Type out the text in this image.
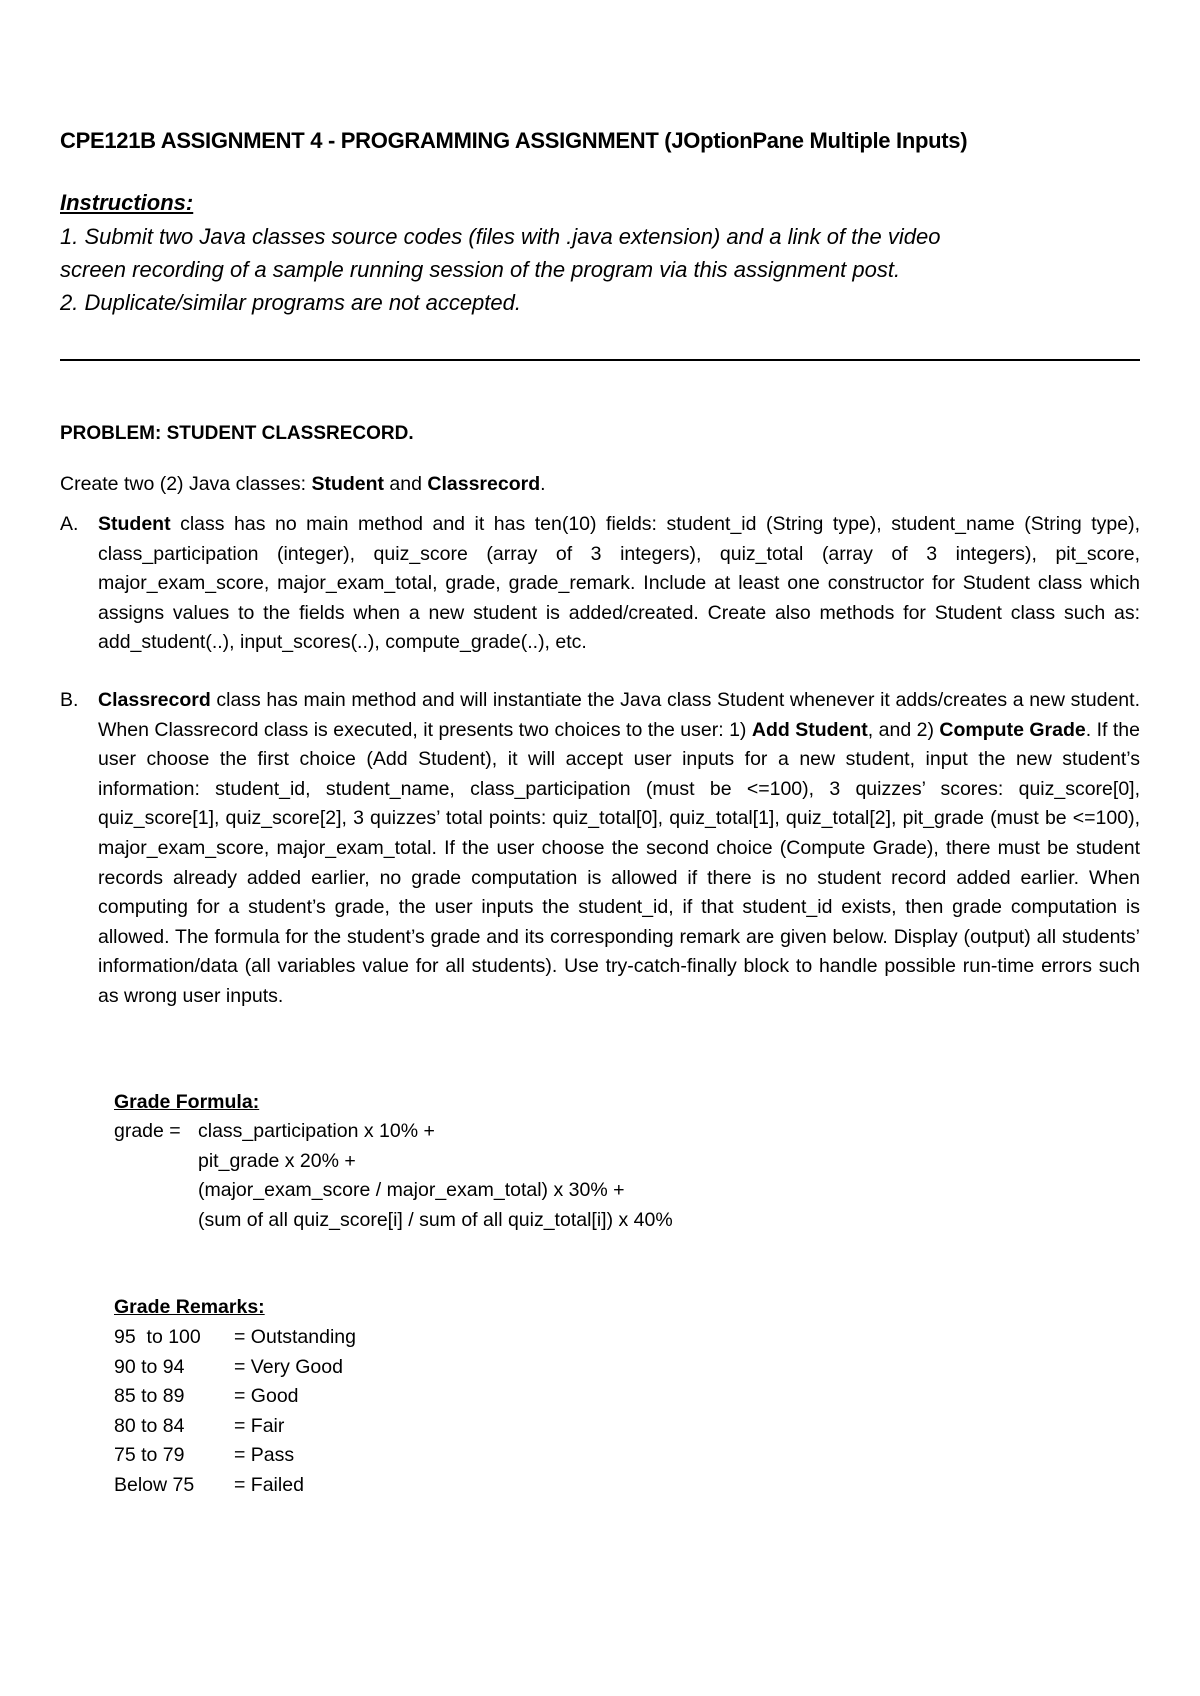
CPE121B ASSIGNMENT 4 - PROGRAMMING ASSIGNMENT (JOptionPane Multiple Inputs)
Instructions:

1. Submit two Java classes source codes (files with .java extension) and a link of the video

screen recording of a sample running session of the program via this assignment post.

2. Duplicate/similar programs are not accepted.

PROBLEM: STUDENT CLASSRECORD.

Create two (2) Java classes: Student and Classrecord.

A.	Student class has no main method and it has ten(10) fields: student_id (String type), student_name (String type), class_participation (integer), quiz_score (array of 3 integers), quiz_total (array of 3 integers), pit_score, major_exam_score, major_exam_total, grade, grade_remark. Include at least one constructor for Student class which assigns values to the fields when a new student is added/created. Create also methods for Student class such as: add_student(..), input_scores(..), compute_grade(..), etc.
B.	Classrecord class has main method and will instantiate the Java class Student whenever it adds/creates a new student. When Classrecord class is executed, it presents two choices to the user: 1) Add Student, and 2) Compute Grade. If the user choose the first choice (Add Student), it will accept user inputs for a new student, input the new student’s information: student_id, student_name, class_participation (must be <=100), 3 quizzes’ scores: quiz_score[0], quiz_score[1], quiz_score[2], 3 quizzes’ total points: quiz_total[0], quiz_total[1], quiz_total[2], pit_grade (must be <=100), major_exam_score, major_exam_total. If the user choose the second choice (Compute Grade), there must be student records already added earlier, no grade computation is allowed if there is no student record added earlier. When computing for a student’s grade, the user inputs the student_id, if that student_id exists, then grade computation is allowed. The formula for the student’s grade and its corresponding remark are given below. Display (output) all students’ information/data (all variables value for all students). Use try-catch-finally block to handle possible run-time errors such as wrong user inputs.
Grade Formula:
grade = class_participation x 10% +
pit_grade x 20% +
(major_exam_score / major_exam_total) x 30% +
(sum of all quiz_score[i] / sum of all quiz_total[i]) x 40%
Grade Remarks:
95  to 100	= Outstanding
90 to 94	= Very Good
85 to 89	= Good
80 to 84	= Fair
75 to 79	= Pass
Below 75	= Failed
